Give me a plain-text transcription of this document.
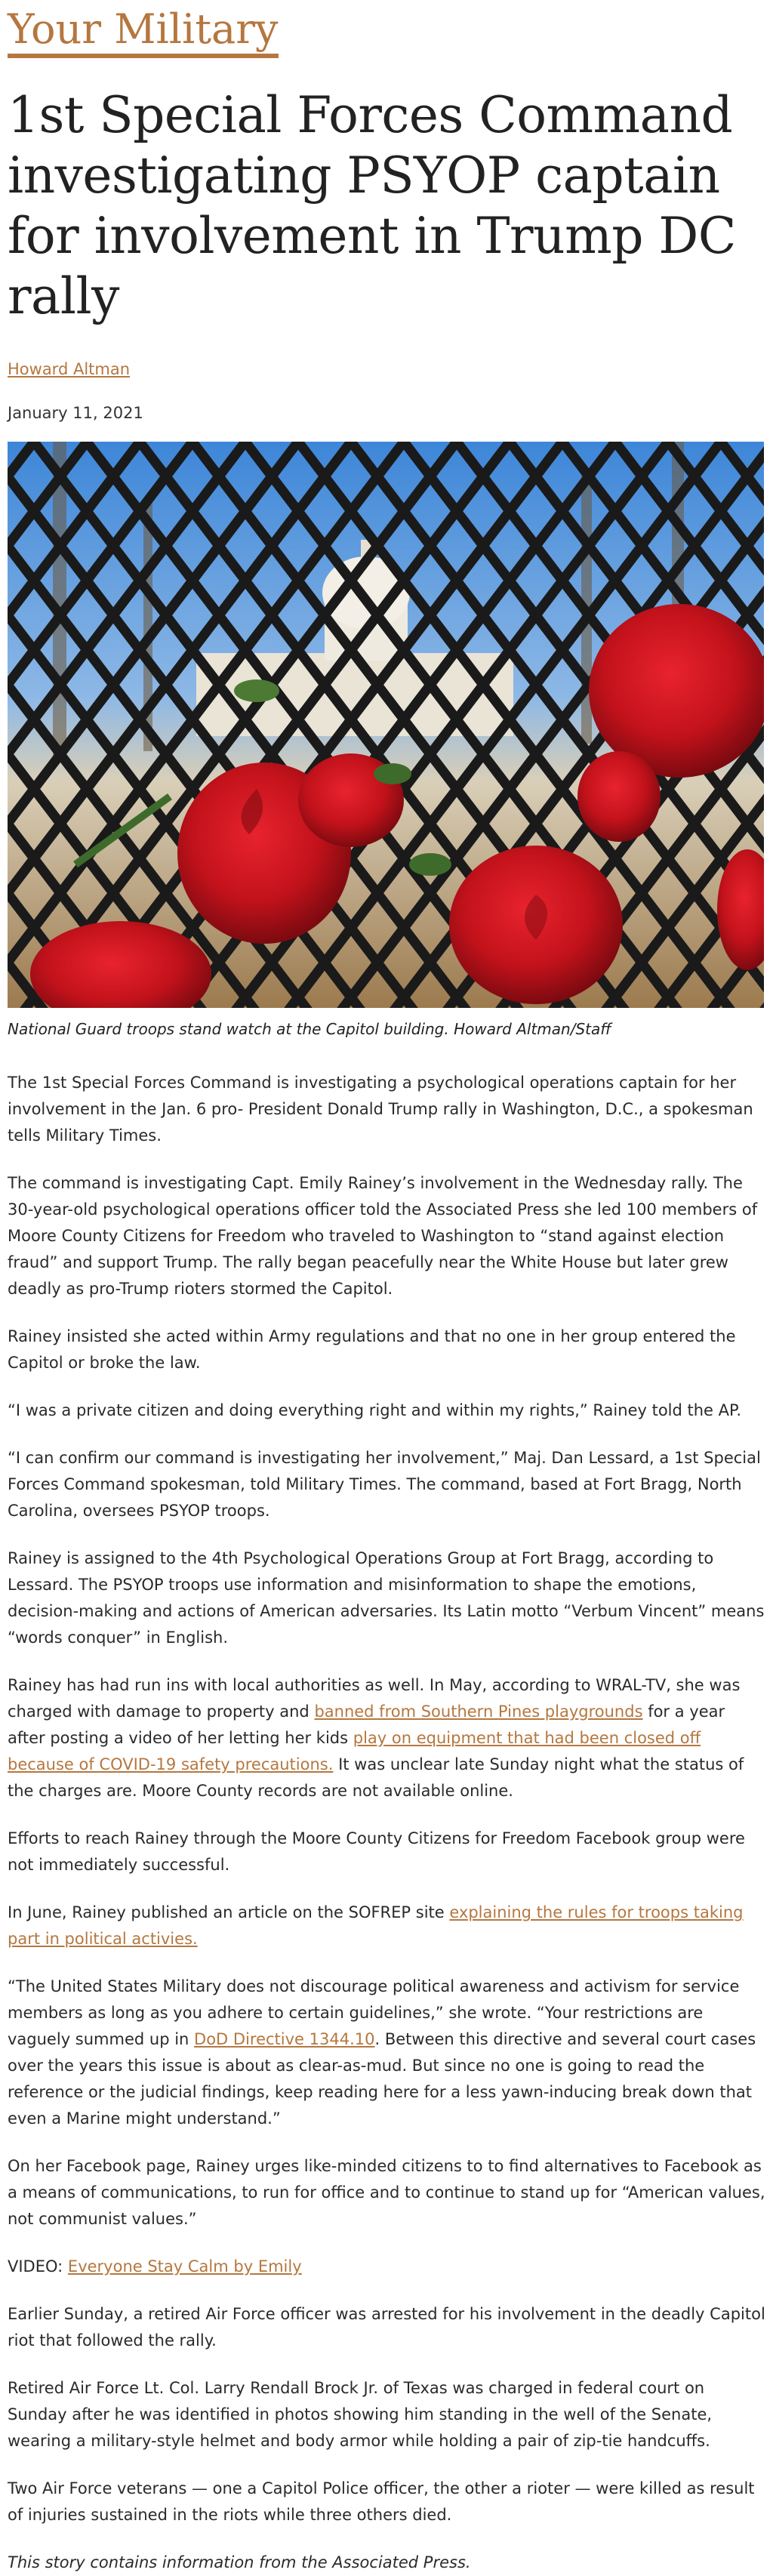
Your Military
1st Special Forces Command investigating PSYOP captain for involvement in Trump DC rally
Howard Altman
January 11, 2021
National Guard troops stand watch at the Capitol building. Howard Altman/Staff

The 1st Special Forces Command is investigating a psychological operations captain for her involvement in the Jan. 6 pro- President Donald Trump rally in Washington, D.C., a spokesman tells Military Times.

The command is investigating Capt. Emily Rainey’s involvement in the Wednesday rally. The 30-year-old psychological operations officer told the Associated Press she led 100 members of Moore County Citizens for Freedom who traveled to Washington to “stand against election fraud” and support Trump. The rally began peacefully near the White House but later grew deadly as pro-Trump rioters stormed the Capitol.

Rainey insisted she acted within Army regulations and that no one in her group entered the Capitol or broke the law.

“I was a private citizen and doing everything right and within my rights,” Rainey told the AP.

“I can confirm our command is investigating her involvement,” Maj. Dan Lessard, a 1st Special Forces Command spokesman, told Military Times. The command, based at Fort Bragg, North Carolina, oversees PSYOP troops.

Rainey is assigned to the 4th Psychological Operations Group at Fort Bragg, according to Lessard. The PSYOP troops use information and misinformation to shape the emotions, decision-making and actions of American adversaries. Its Latin motto “Verbum Vincent” means “words conquer” in English.

Rainey has had run ins with local authorities as well. In May, according to WRAL-TV, she was charged with damage to property and banned from Southern Pines playgrounds for a year after posting a video of her letting her kids play on equipment that had been closed off because of COVID-19 safety precautions. It was unclear late Sunday night what the status of the charges are. Moore County records are not available online.

Efforts to reach Rainey through the Moore County Citizens for Freedom Facebook group were not immediately successful.

In June, Rainey published an article on the SOFREP site explaining the rules for troops taking part in political activies.

“The United States Military does not discourage political awareness and activism for service members as long as you adhere to certain guidelines,” she wrote. “Your restrictions are vaguely summed up in DoD Directive 1344.10. Between this directive and several court cases over the years this issue is about as clear-as-mud. But since no one is going to read the reference or the judicial findings, keep reading here for a less yawn-inducing break down that even a Marine might understand.”

On her Facebook page, Rainey urges like-minded citizens to to find alternatives to Facebook as a means of communications, to run for office and to continue to stand up for “American values, not communist values.”

VIDEO: Everyone Stay Calm by Emily

Earlier Sunday, a retired Air Force officer was arrested for his involvement in the deadly Capitol riot that followed the rally.

Retired Air Force Lt. Col. Larry Rendall Brock Jr. of Texas was charged in federal court on Sunday after he was identified in photos showing him standing in the well of the Senate, wearing a military-style helmet and body armor while holding a pair of zip-tie handcuffs.

Two Air Force veterans — one a Capitol Police officer, the other a rioter — were killed as result of injuries sustained in the riots while three others died.

This story contains information from the Associated Press.
